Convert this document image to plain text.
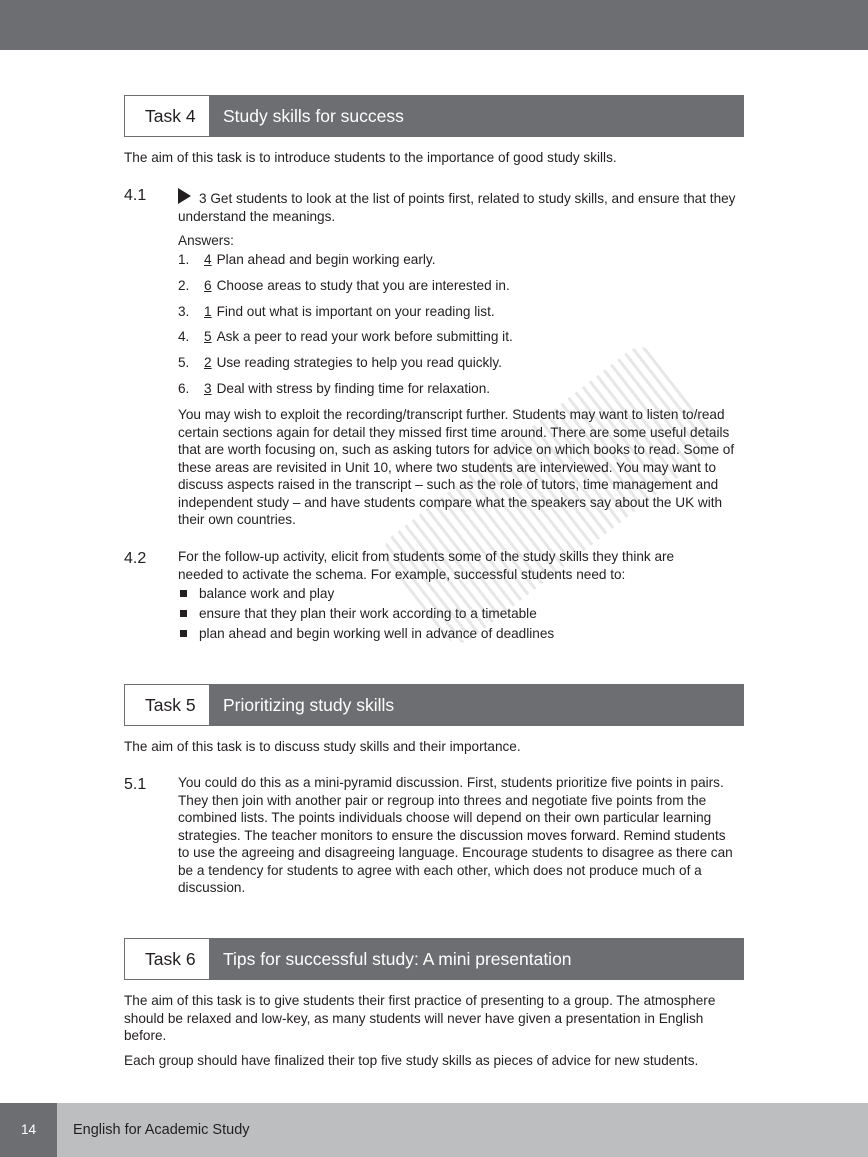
Task 4	Study skills for success

The aim of this task is to introduce students to the importance of good study skills.

4.1	3 Get students to look at the list of points first, related to study skills, and ensure that they understand the meanings.

Answers:

1. 4 Plan ahead and begin working early.
2. 6 Choose areas to study that you are interested in.
3. 1 Find out what is important on your reading list.
4. 5 Ask a peer to read your work before submitting it.
5. 2 Use reading strategies to help you read quickly.
6. 3 Deal with stress by finding time for relaxation.

You may wish to exploit the recording/transcript further. Students may want to listen to/read certain sections again for detail they missed first time around. There are some useful details that are worth focusing on, such as asking tutors for advice on which books to read. Some of these areas are revisited in Unit 10, where two students are interviewed. You may want to discuss aspects raised in the transcript – such as the role of tutors, time management and independent study – and have students compare what the speakers say about the UK with their own countries.

4.2 For the follow-up activity, elicit from students some of the study skills they think are needed to activate the schema. For example, successful students need to:

balance work and play
ensure that they plan their work according to a timetable
plan ahead and begin working well in advance of deadlines
Task 5	Prioritizing study skills

The aim of this task is to discuss study skills and their importance.

5.1 You could do this as a mini-pyramid discussion. First, students prioritize five points in pairs. They then join with another pair or regroup into threes and negotiate five points from the combined lists. The points individuals choose will depend on their own particular learning strategies. The teacher monitors to ensure the discussion moves forward. Remind students to use the agreeing and disagreeing language. Encourage students to disagree as there can be a tendency for students to agree with each other, which does not produce much of a discussion.

Task 6	Tips for successful study: A mini presentation

The aim of this task is to give students their first practice of presenting to a group. The atmosphere should be relaxed and low-key, as many students will never have given a presentation in English before.

Each group should have finalized their top five study skills as pieces of advice for new students.

14	English for Academic Study
